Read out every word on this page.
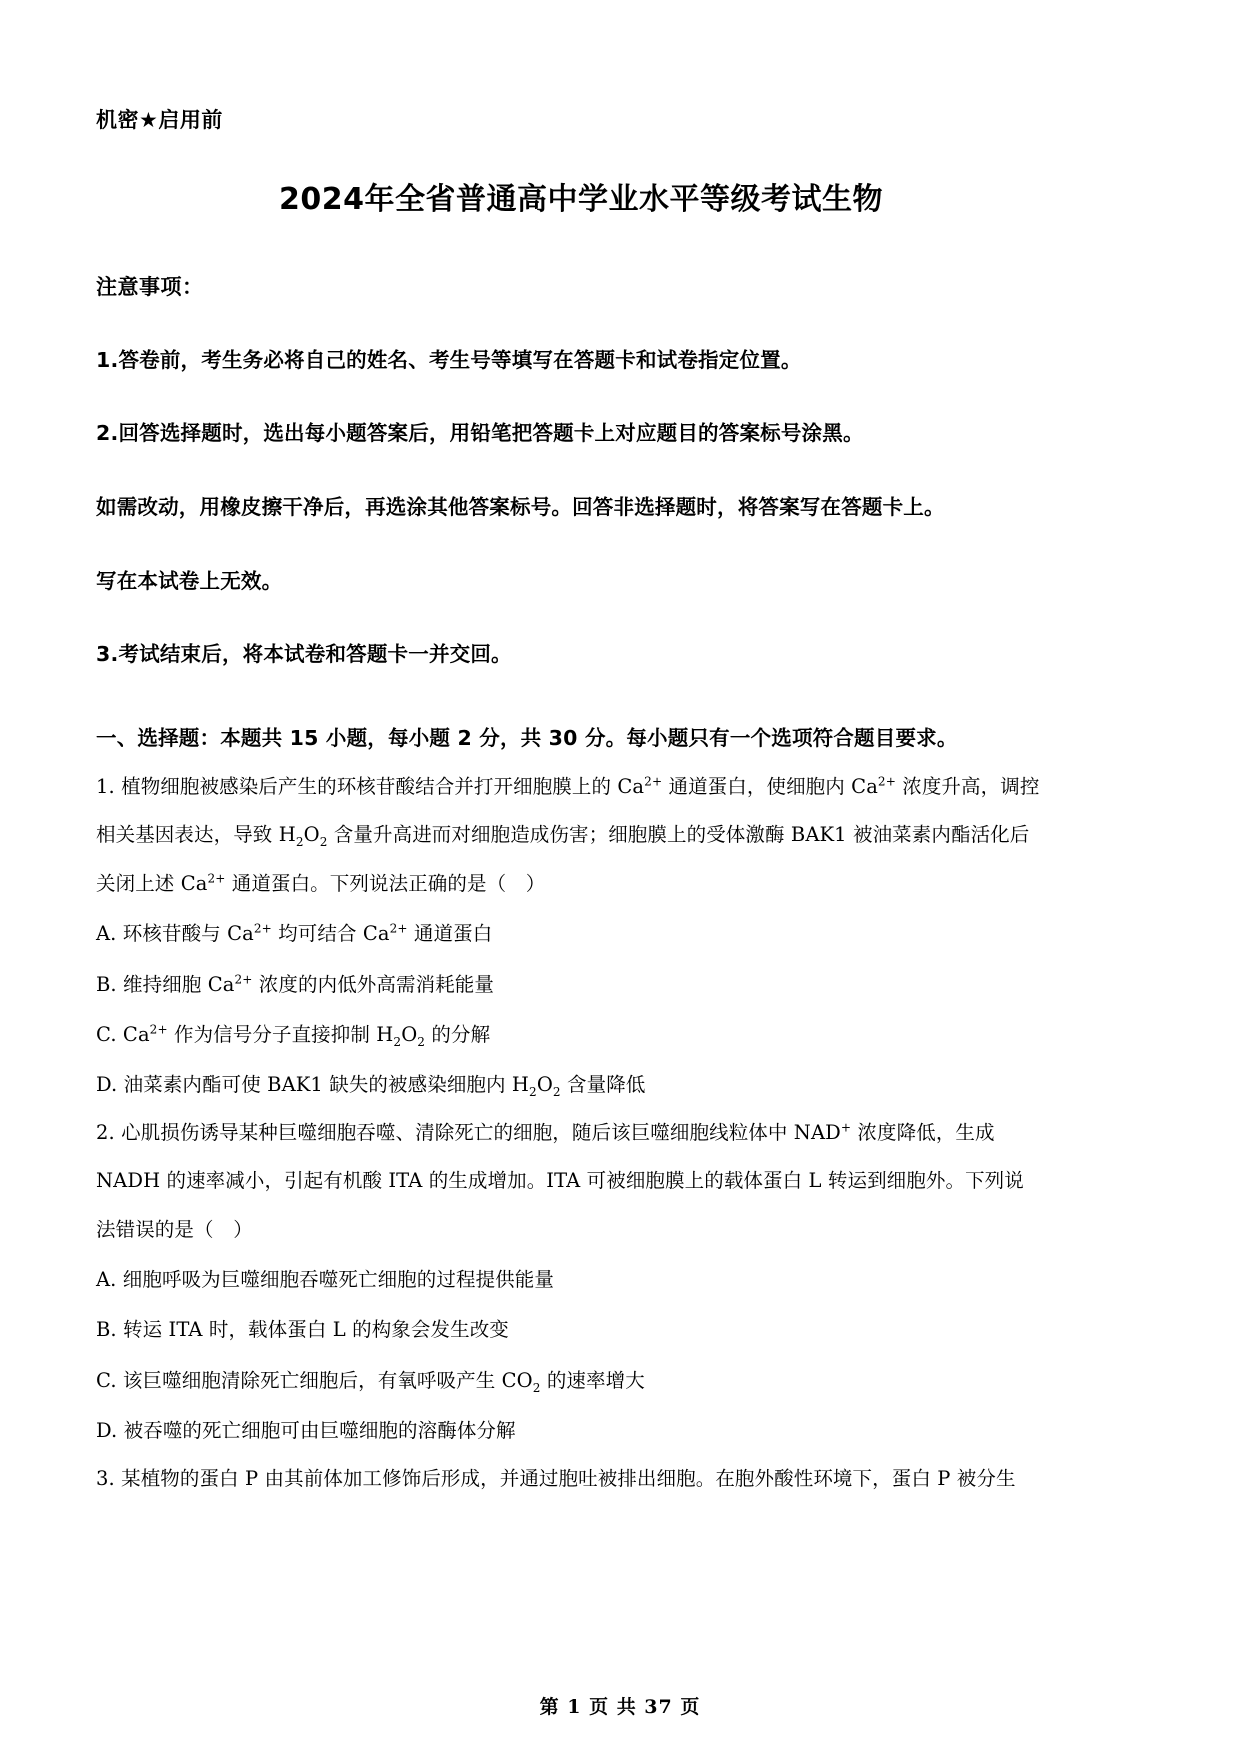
机密★启用前
2024年全省普通高中学业水平等级考试生物
注意事项：
1.答卷前，考生务必将自己的姓名、考生号等填写在答题卡和试卷指定位置。
2.回答选择题时，选出每小题答案后，用铅笔把答题卡上对应题目的答案标号涂黑。
如需改动，用橡皮擦干净后，再选涂其他答案标号。回答非选择题时，将答案写在答题卡上。
写在本试卷上无效。
3.考试结束后，将本试卷和答题卡一并交回。
一、选择题：本题共 15 小题，每小题 2 分，共 30 分。每小题只有一个选项符合题目要求。
1. 植物细胞被感染后产生的环核苷酸结合并打开细胞膜上的 $Ca^{2+}$ 通道蛋白，使细胞内 $Ca^{2+}$ 浓度升高，调控
相关基因表达，导致 $H_2O_2$ 含量升高进而对细胞造成伤害；细胞膜上的受体激酶 BAK1 被油菜素内酯活化后
关闭上述 $Ca^{2+}$ 通道蛋白。下列说法正确的是（　）
A. 环核苷酸与 $Ca^{2+}$ 均可结合 $Ca^{2+}$ 通道蛋白
B. 维持细胞 $Ca^{2+}$ 浓度的内低外高需消耗能量
C. $Ca^{2+}$ 作为信号分子直接抑制 $H_2O_2$ 的分解
D. 油菜素内酯可使 BAK1 缺失的被感染细胞内 $H_2O_2$ 含量降低
2. 心肌损伤诱导某种巨噬细胞吞噬、清除死亡的细胞，随后该巨噬细胞线粒体中 NAD+ 浓度降低，生成
NADH 的速率减小，引起有机酸 ITA 的生成增加。ITA 可被细胞膜上的载体蛋白 L 转运到细胞外。下列说
法错误的是（　）
A. 细胞呼吸为巨噬细胞吞噬死亡细胞的过程提供能量
B. 转运 ITA 时，载体蛋白 L 的构象会发生改变
C. 该巨噬细胞清除死亡细胞后，有氧呼吸产生 $CO_2$ 的速率增大
D. 被吞噬的死亡细胞可由巨噬细胞的溶酶体分解
3. 某植物的蛋白 P 由其前体加工修饰后形成，并通过胞吐被排出细胞。在胞外酸性环境下，蛋白 P 被分生
第 1 页 共 37 页
